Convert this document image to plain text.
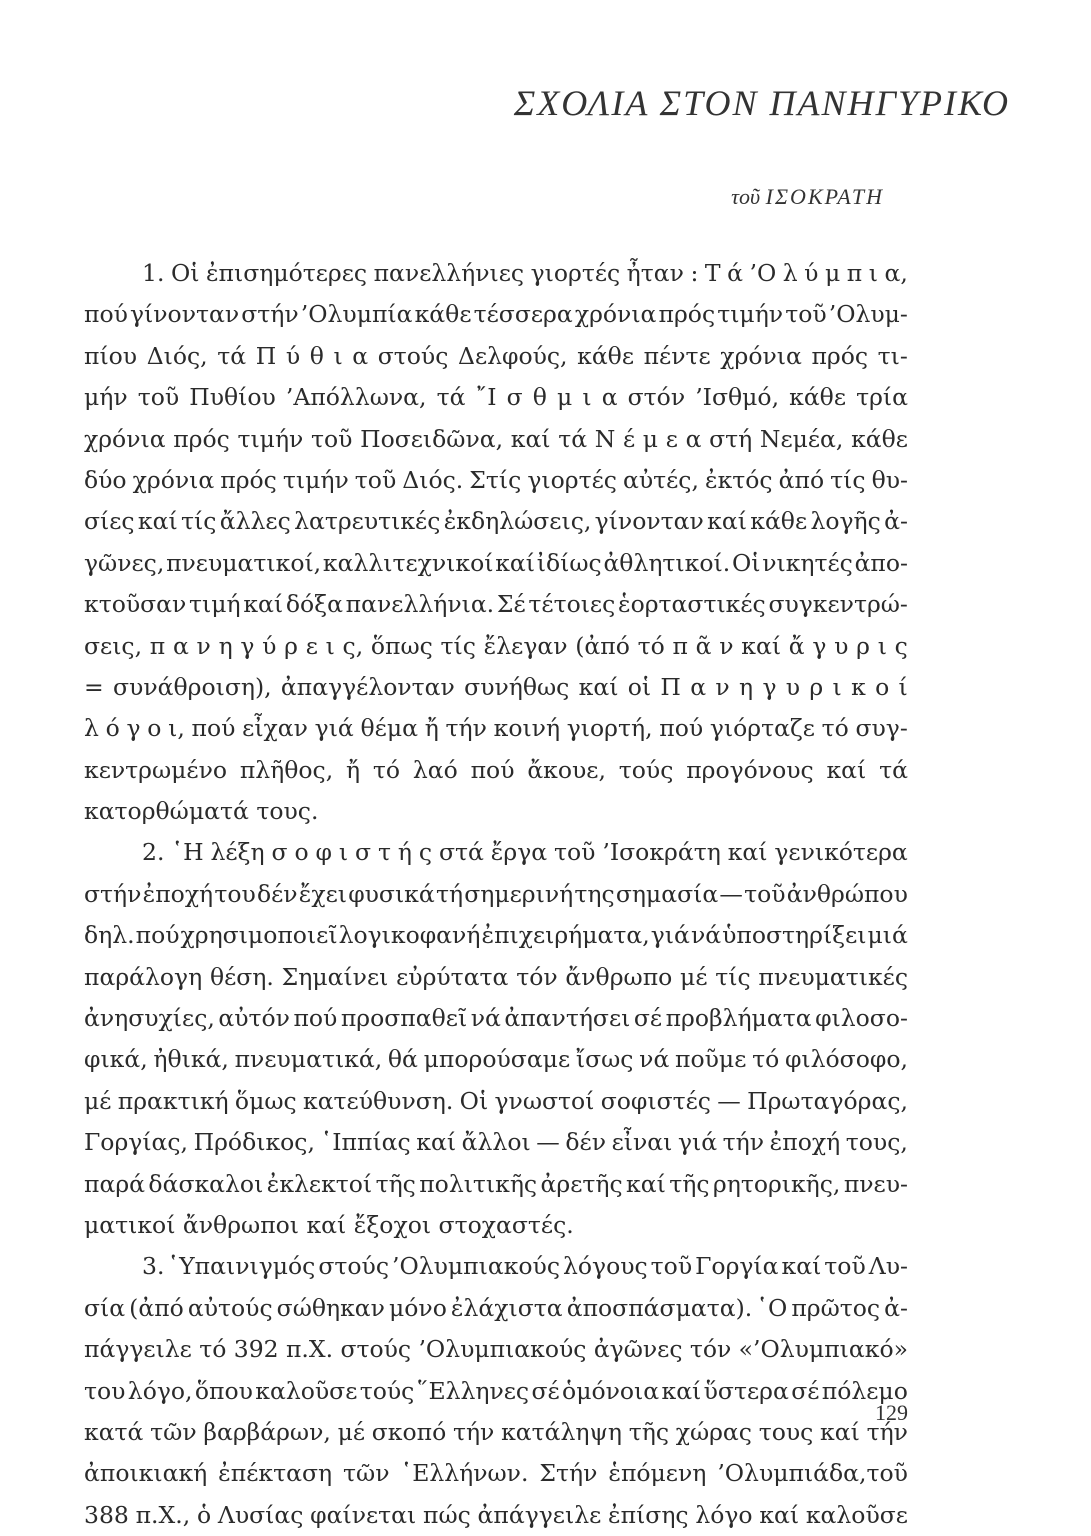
ΣΧΟΛΙΑ ΣΤΟΝ ΠΑΝΗΓΥΡΙΚΟ
τοῦ ΙΣΟΚΡΑΤΗ
1. Οἱ ἐπισημότερες πανελλήνιες γιορτές ἦταν : Τ ά ’Ο λ ύ μ π ι α,
πού γίνονταν στήν ’Ολυμπία κάθε τέσσερα χρόνια πρός τιμήν τοῦ ’Ολυμ-
πίου Διός, τά Π ύ θ ι α στούς Δελφούς, κάθε πέντε χρόνια πρός τι-
μήν τοῦ Πυθίου ’Απόλλωνα, τά ῎Ι σ θ μ ι α στόν ’Ισθμό, κάθε τρία
χρόνια πρός τιμήν τοῦ Ποσειδῶνα, καί τά Ν έ μ ε α στή Νεμέα, κάθε
δύο χρόνια πρός τιμήν τοῦ Διός. Στίς γιορτές αὐτές, ἐκτός ἀπό τίς θυ-
σίες καί τίς ἄλλες λατρευτικές ἐκδηλώσεις, γίνονταν καί κάθε λογῆς ἀ-
γῶνες, πνευματικοί, καλλιτεχνικοί καί ἰδίως ἀθλητικοί. Οἱ νικητές ἀπο-
κτοῦσαν τιμή καί δόξα πανελλήνια. Σέ τέτοιες ἑορταστικές συγκεντρώ-
σεις, π α ν η γ ύ ρ ε ι ς, ὅπως τίς ἔλεγαν (ἀπό τό π ᾶ ν καί ἄ γ υ ρ ι ς
= συνάθροιση), ἀπαγγέλονταν συνήθως καί οἱ Π α ν η γ υ ρ ι κ ο ί
λ ό γ ο ι, πού εἶχαν γιά θέμα ἤ τήν κοινή γιορτή, πού γιόρταζε τό συγ-
κεντρωμένο πλῆθος, ἤ τό λαό πού ἄκουε, τούς προγόνους καί τά
κατορθώματά
τους.

2. ῾Η λέξη σ ο φ ι σ τ ή ς στά ἔργα τοῦ ’Ισοκράτη καί γενικότερα
στήν ἐποχή του δέν ἔχει φυσικά τή σημερινή της σημασία — τοῦ ἀνθρώπου
δηλ. πού χρησιμοποιεῖ λογικοφανή ἐπιχειρήματα, γιά νά ὑποστηρίξει μιά
παράλογη θέση. Σημαίνει εὐρύτατα τόν ἄνθρωπο μέ τίς πνευματικές
ἀνησυχίες, αὐτόν πού προσπαθεῖ νά ἀπαντήσει σέ προβλήματα φιλοσο-
φικά, ἠθικά, πνευματικά, θά μπορούσαμε ἴσως νά ποῦμε τό φιλόσοφο,
μέ πρακτική ὅμως κατεύθυνση. Οἱ γνωστοί σοφιστές — Πρωταγόρας,
Γοργίας, Πρόδικος, ῾Ιππίας καί ἄλλοι — δέν εἶναι γιά τήν ἐποχή τους,
παρά δάσκαλοι ἐκλεκτοί τῆς πολιτικῆς ἀρετῆς καί τῆς ρητορικῆς, πνευ-
ματικοί
ἄνθρωποι
καί
ἔξοχοι
στοχαστές.

3. ῾Υπαινιγμός στούς ’Ολυμπιακούς λόγους τοῦ Γοργία καί τοῦ Λυ-
σία (ἀπό αὐτούς σώθηκαν μόνο ἐλάχιστα ἀποσπάσματα). ῾Ο πρῶτος ἀ-
πάγγειλε τό 392 π.Χ. στούς ’Ολυμπιακούς ἀγῶνες τόν «’Ολυμπιακό»
του λόγο, ὅπου καλοῦσε τούς ῞Ελληνες σέ ὁμόνοια καί ὕστερα σέ πόλεμο
κατά τῶν βαρβάρων, μέ σκοπό τήν κατάληψη τῆς χώρας τους καί τήν
ἀποικιακή ἐπέκταση τῶν ῾Ελλήνων. Στήν ἑπόμενη ’Ολυμπιάδα,τοῦ
388 π.Χ., ὁ Λυσίας φαίνεται πώς ἀπάγγειλε ἐπίσης λόγο καί καλοῦσε
129
